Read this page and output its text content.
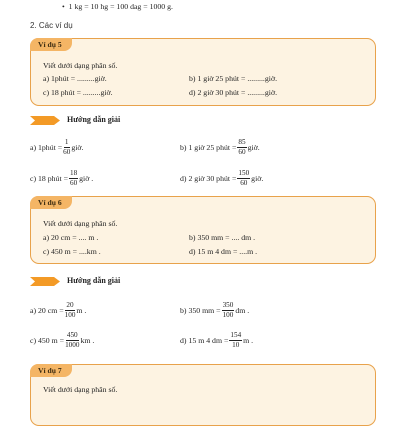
•  1 kg = 10 hg = 100 dag = 1000 g.
2. Các ví dụ
Ví dụ 5
Viết dưới dạng phân số.
a) 1phút = .........giờ.	b) 1 giờ 25 phút = .........giờ.
c) 18 phút = .........giờ.	d) 2 giờ 30 phút = .........giờ.
Hướng dẫn giải
a) 1phút = $\frac{1}{60}$ giờ.	b) 1 giờ 25 phút = $\frac{85}{60}$ giờ.
c) 18 phút = $\frac{18}{60}$ giờ .	d) 2 giờ 30 phút = $\frac{150}{60}$ giờ.
Ví dụ 6
Viết dưới dạng phân số.
a) 20 cm = .... m .	b) 350 mm = .... dm .
c) 450 m = ....km .	d) 15 m 4 dm = ....m .
Hướng dẫn giải
a) 20 cm = $\frac{20}{100}$ m .	b) 350 mm = $\frac{350}{100}$ dm .
c) 450 $m = \frac{450}{1000}$ km .	d) 15 m 4 dm = $\frac{154}{10}$ m .
Ví dụ 7
Viết dưới dạng phân số.
